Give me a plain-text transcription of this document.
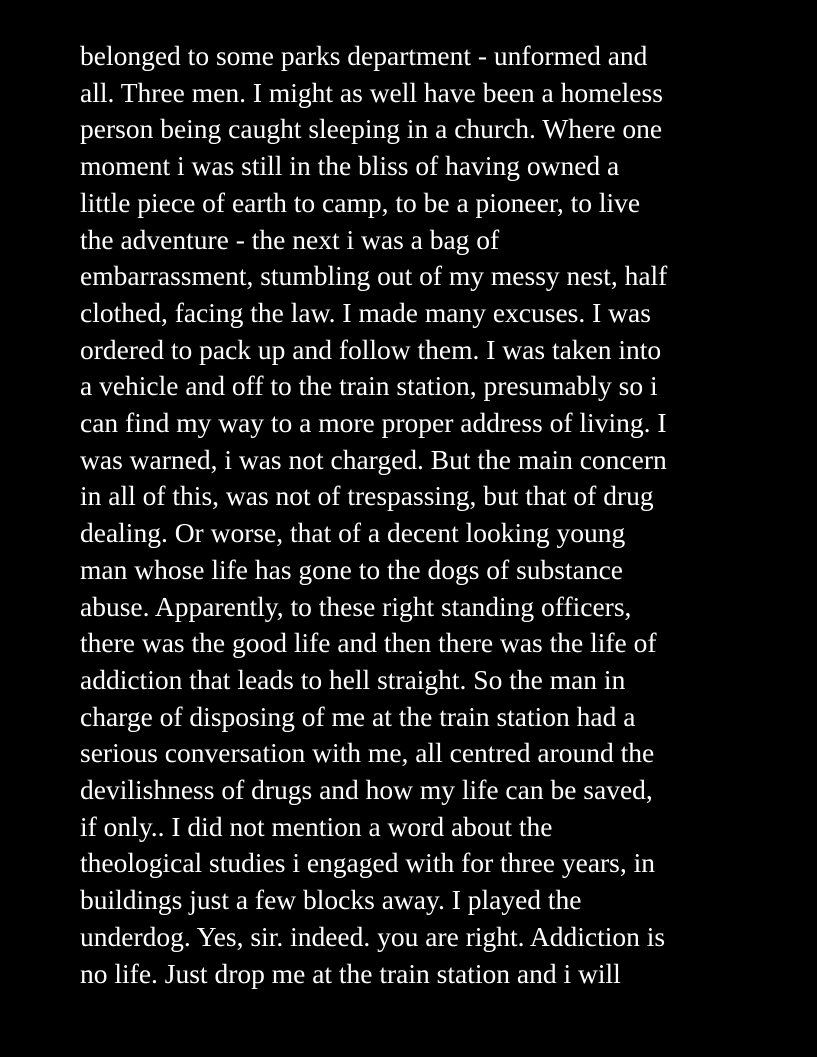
belonged to some parks department - unformed and
all. Three men. I might as well have been a homeless
person being caught sleeping in a church. Where one
moment i was still in the bliss of having owned a
little piece of earth to camp, to be a pioneer, to live
the adventure - the next i was a bag of
embarrassment, stumbling out of my messy nest, half
clothed, facing the law. I made many excuses. I was
ordered to pack up and follow them. I was taken into
a vehicle and off to the train station, presumably so i
can find my way to a more proper address of living. I
was warned, i was not charged. But the main concern
in all of this, was not of trespassing, but that of drug
dealing. Or worse, that of a decent looking young
man whose life has gone to the dogs of substance
abuse. Apparently, to these right standing officers,
there was the good life and then there was the life of
addiction that leads to hell straight. So the man in
charge of disposing of me at the train station had a
serious conversation with me, all centred around the
devilishness of drugs and how my life can be saved,
if only.. I did not mention a word about the
theological studies i engaged with for three years, in
buildings just a few blocks away. I played the
underdog. Yes, sir. indeed. you are right. Addiction is
no life. Just drop me at the train station and i will
